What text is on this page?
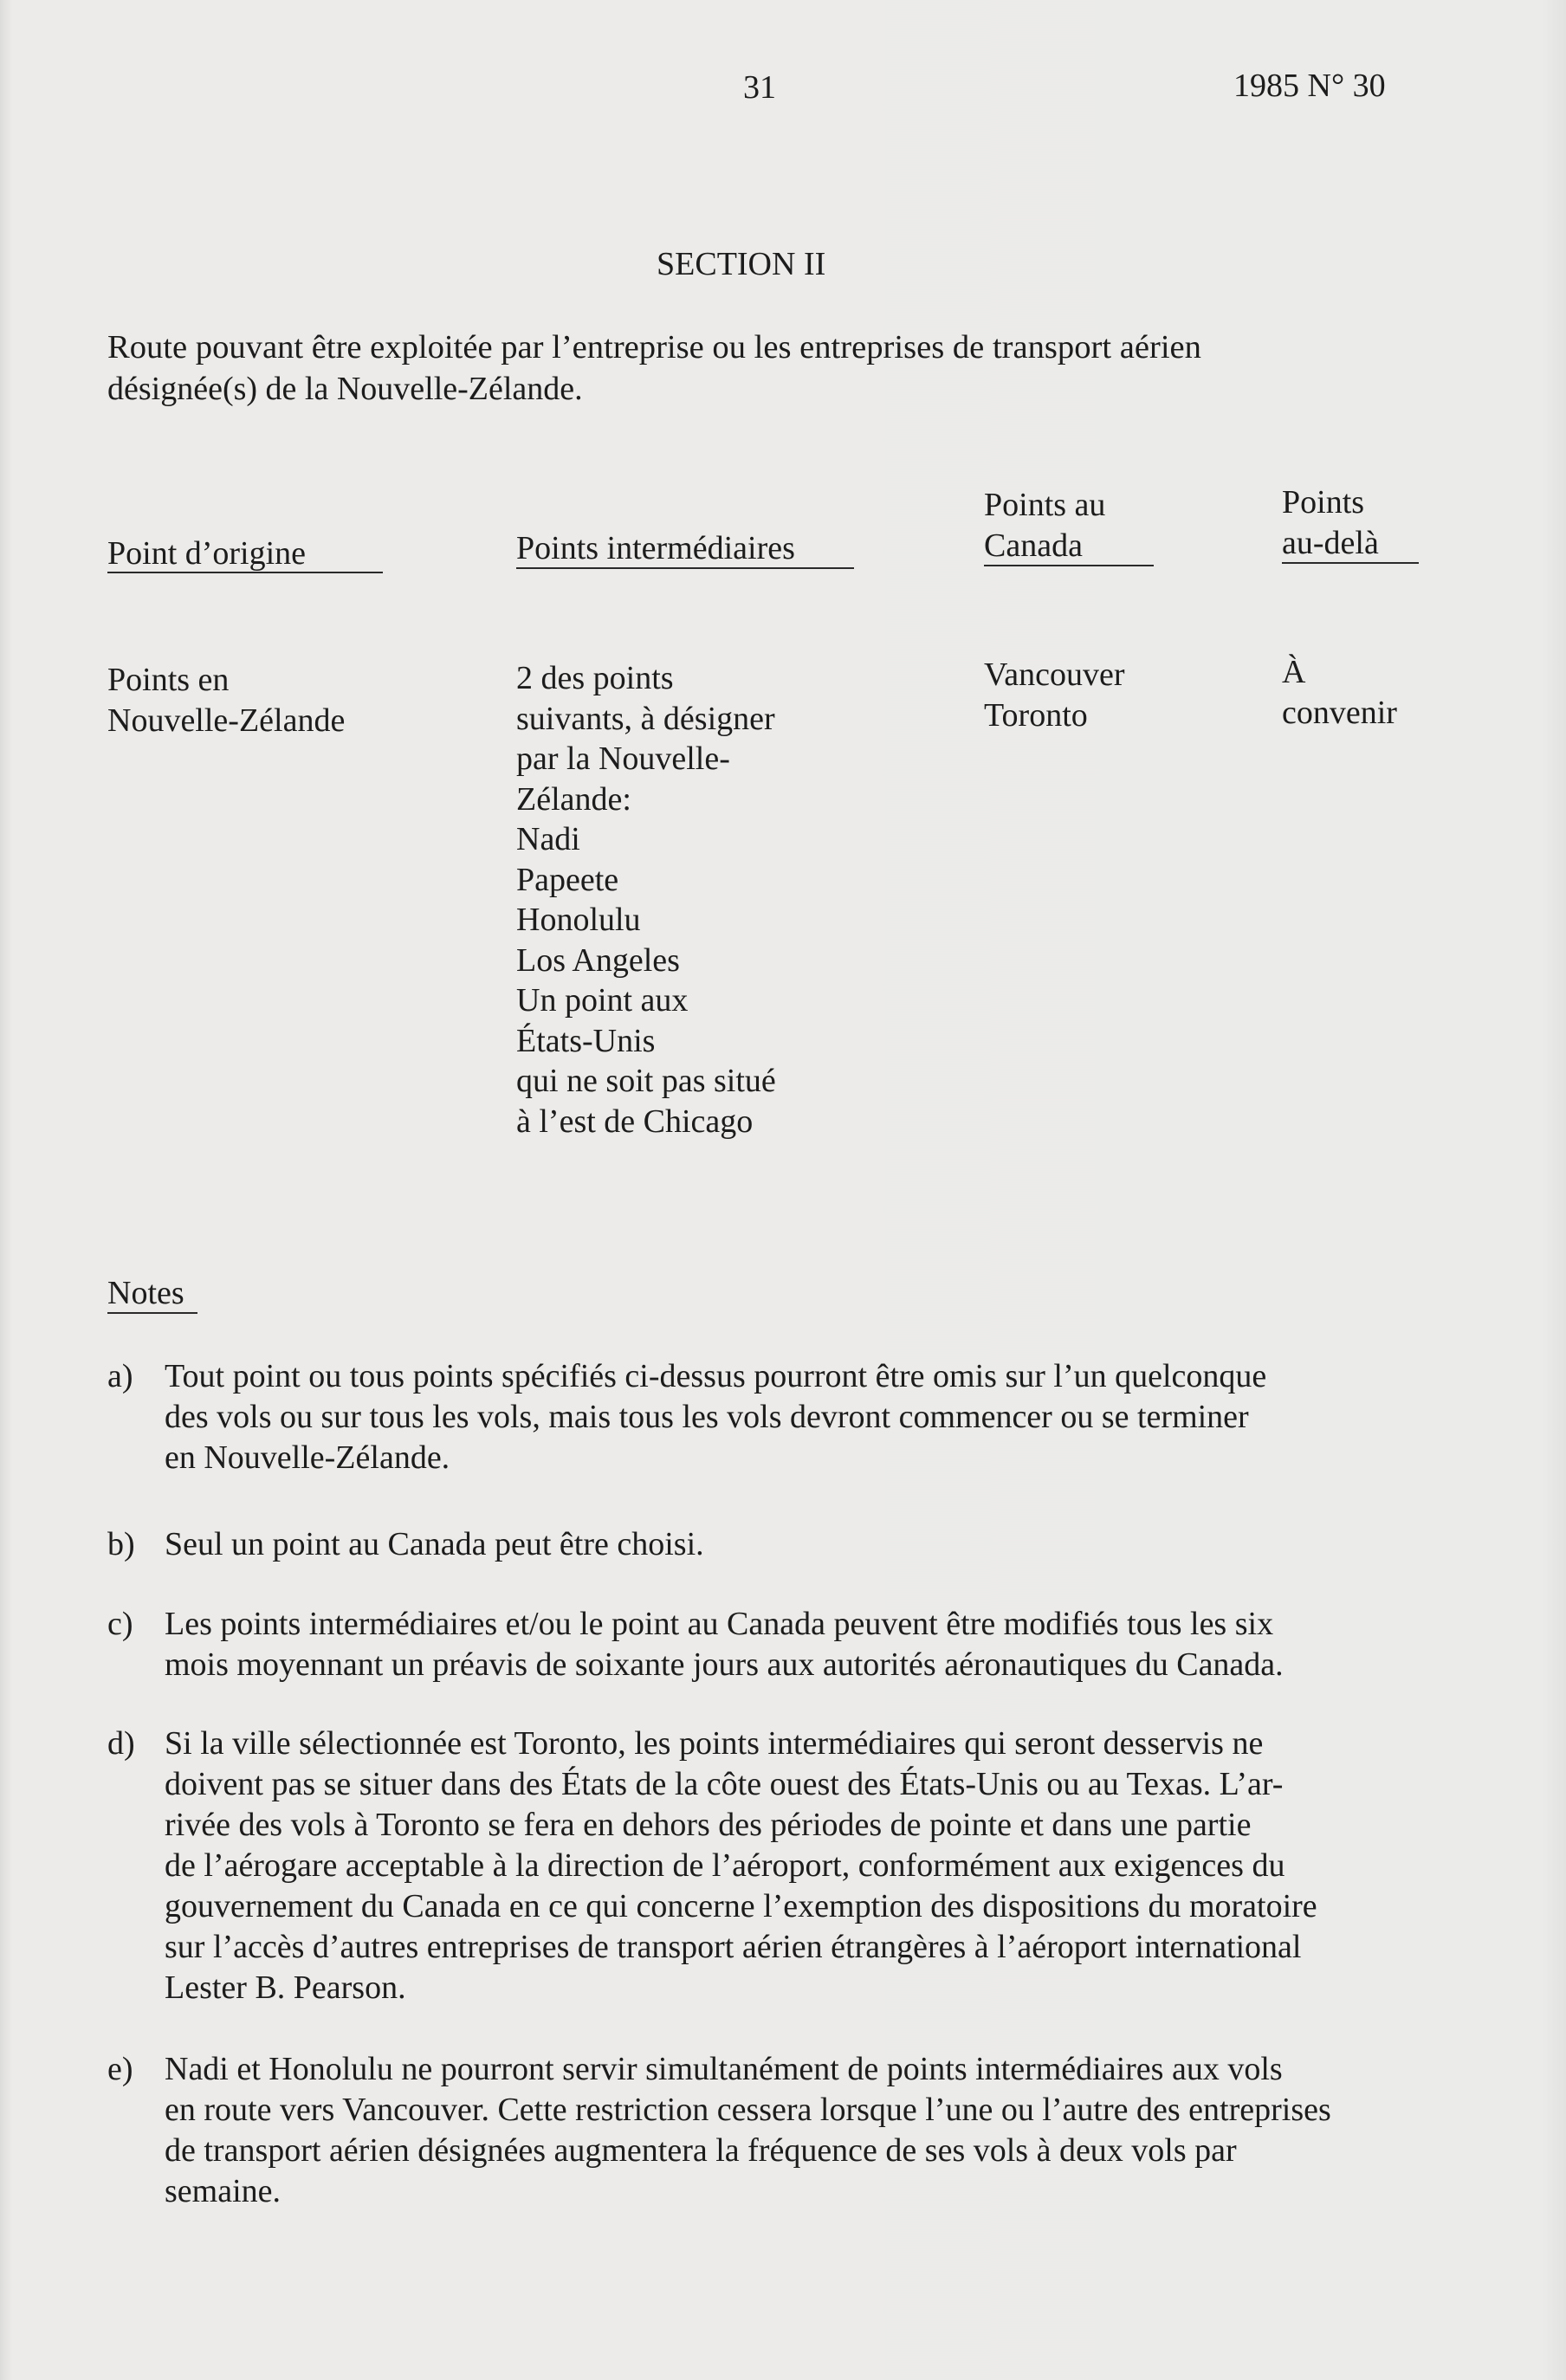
31	1985 N° 30
SECTION II
Route pouvant être exploitée par l’entreprise ou les entreprises de transport aérien
désignée(s) de la Nouvelle-Zélande.
Point d’origine	Points intermédiaires
Points au
Canada
Points
au-delà
Points en
Nouvelle-Zélande
2 des points
suivants, à désigner
par la Nouvelle-
Zélande:
Nadi
Papeete
Honolulu
Los Angeles
Un point aux
États-Unis
qui ne soit pas situé
à l’est de Chicago
Vancouver
Toronto
À
convenir
Notes
a) Tout point ou tous points spécifiés ci-dessus pourront être omis sur l’un quelconque
des vols ou sur tous les vols, mais tous les vols devront commencer ou se terminer
en Nouvelle-Zélande.
b) Seul un point au Canada peut être choisi.
c) Les points intermédiaires et/ou le point au Canada peuvent être modifiés tous les six
mois moyennant un préavis de soixante jours aux autorités aéronautiques du Canada.
d) Si la ville sélectionnée est Toronto, les points intermédiaires qui seront desservis ne
doivent pas se situer dans des États de la côte ouest des États-Unis ou au Texas. L’ar-
rivée des vols à Toronto se fera en dehors des périodes de pointe et dans une partie
de l’aérogare acceptable à la direction de l’aéroport, conformément aux exigences du
gouvernement du Canada en ce qui concerne l’exemption des dispositions du moratoire
sur l’accès d’autres entreprises de transport aérien étrangères à l’aéroport international
Lester B. Pearson.
e) Nadi et Honolulu ne pourront servir simultanément de points intermédiaires aux vols
en route vers Vancouver. Cette restriction cessera lorsque l’une ou l’autre des entreprises
de transport aérien désignées augmentera la fréquence de ses vols à deux vols par
semaine.
